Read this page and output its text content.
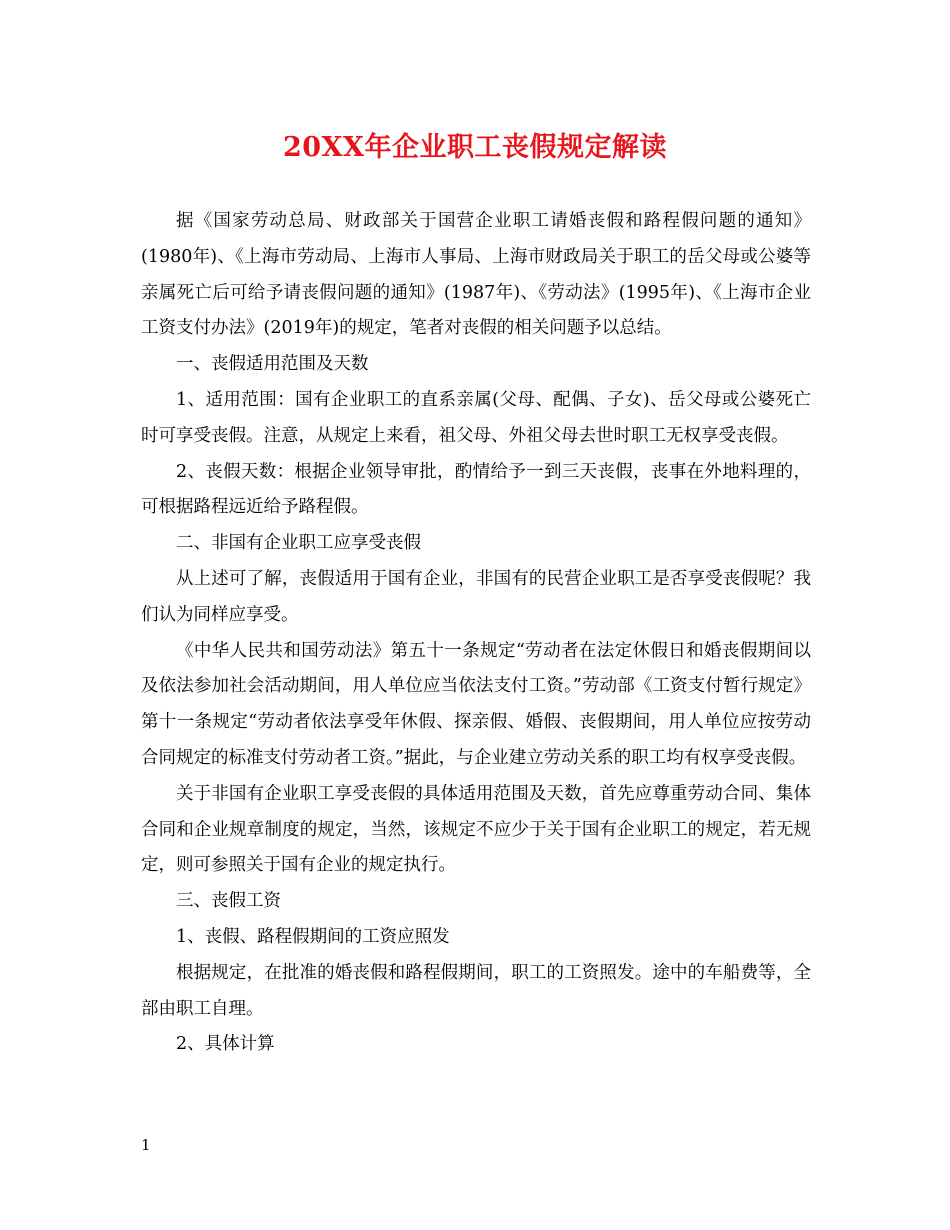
20XX年企业职工丧假规定解读

据《国家劳动总局、财政部关于国营企业职工请婚丧假和路程假问题的通知》(1980年)、《上海市劳动局、上海市人事局、上海市财政局关于职工的岳父母或公婆等亲属死亡后可给予请丧假问题的通知》(1987年)、《劳动法》(1995年)、《上海市企业工资支付办法》(2019年)的规定，笔者对丧假的相关问题予以总结。

一、丧假适用范围及天数

1、适用范围：国有企业职工的直系亲属(父母、配偶、子女)、岳父母或公婆死亡时可享受丧假。注意，从规定上来看，祖父母、外祖父母去世时职工无权享受丧假。

2、丧假天数：根据企业领导审批，酌情给予一到三天丧假，丧事在外地料理的，可根据路程远近给予路程假。

二、非国有企业职工应享受丧假

从上述可了解，丧假适用于国有企业，非国有的民营企业职工是否享受丧假呢？我们认为同样应享受。

《中华人民共和国劳动法》第五十一条规定“劳动者在法定休假日和婚丧假期间以及依法参加社会活动期间，用人单位应当依法支付工资。”劳动部《工资支付暂行规定》第十一条规定“劳动者依法享受年休假、探亲假、婚假、丧假期间，用人单位应按劳动合同规定的标准支付劳动者工资。”据此，与企业建立劳动关系的职工均有权享受丧假。

关于非国有企业职工享受丧假的具体适用范围及天数，首先应尊重劳动合同、集体合同和企业规章制度的规定，当然，该规定不应少于关于国有企业职工的规定，若无规定，则可参照关于国有企业的规定执行。

三、丧假工资

1、丧假、路程假期间的工资应照发

根据规定，在批准的婚丧假和路程假期间，职工的工资照发。途中的车船费等，全部由职工自理。

2、具体计算

1
